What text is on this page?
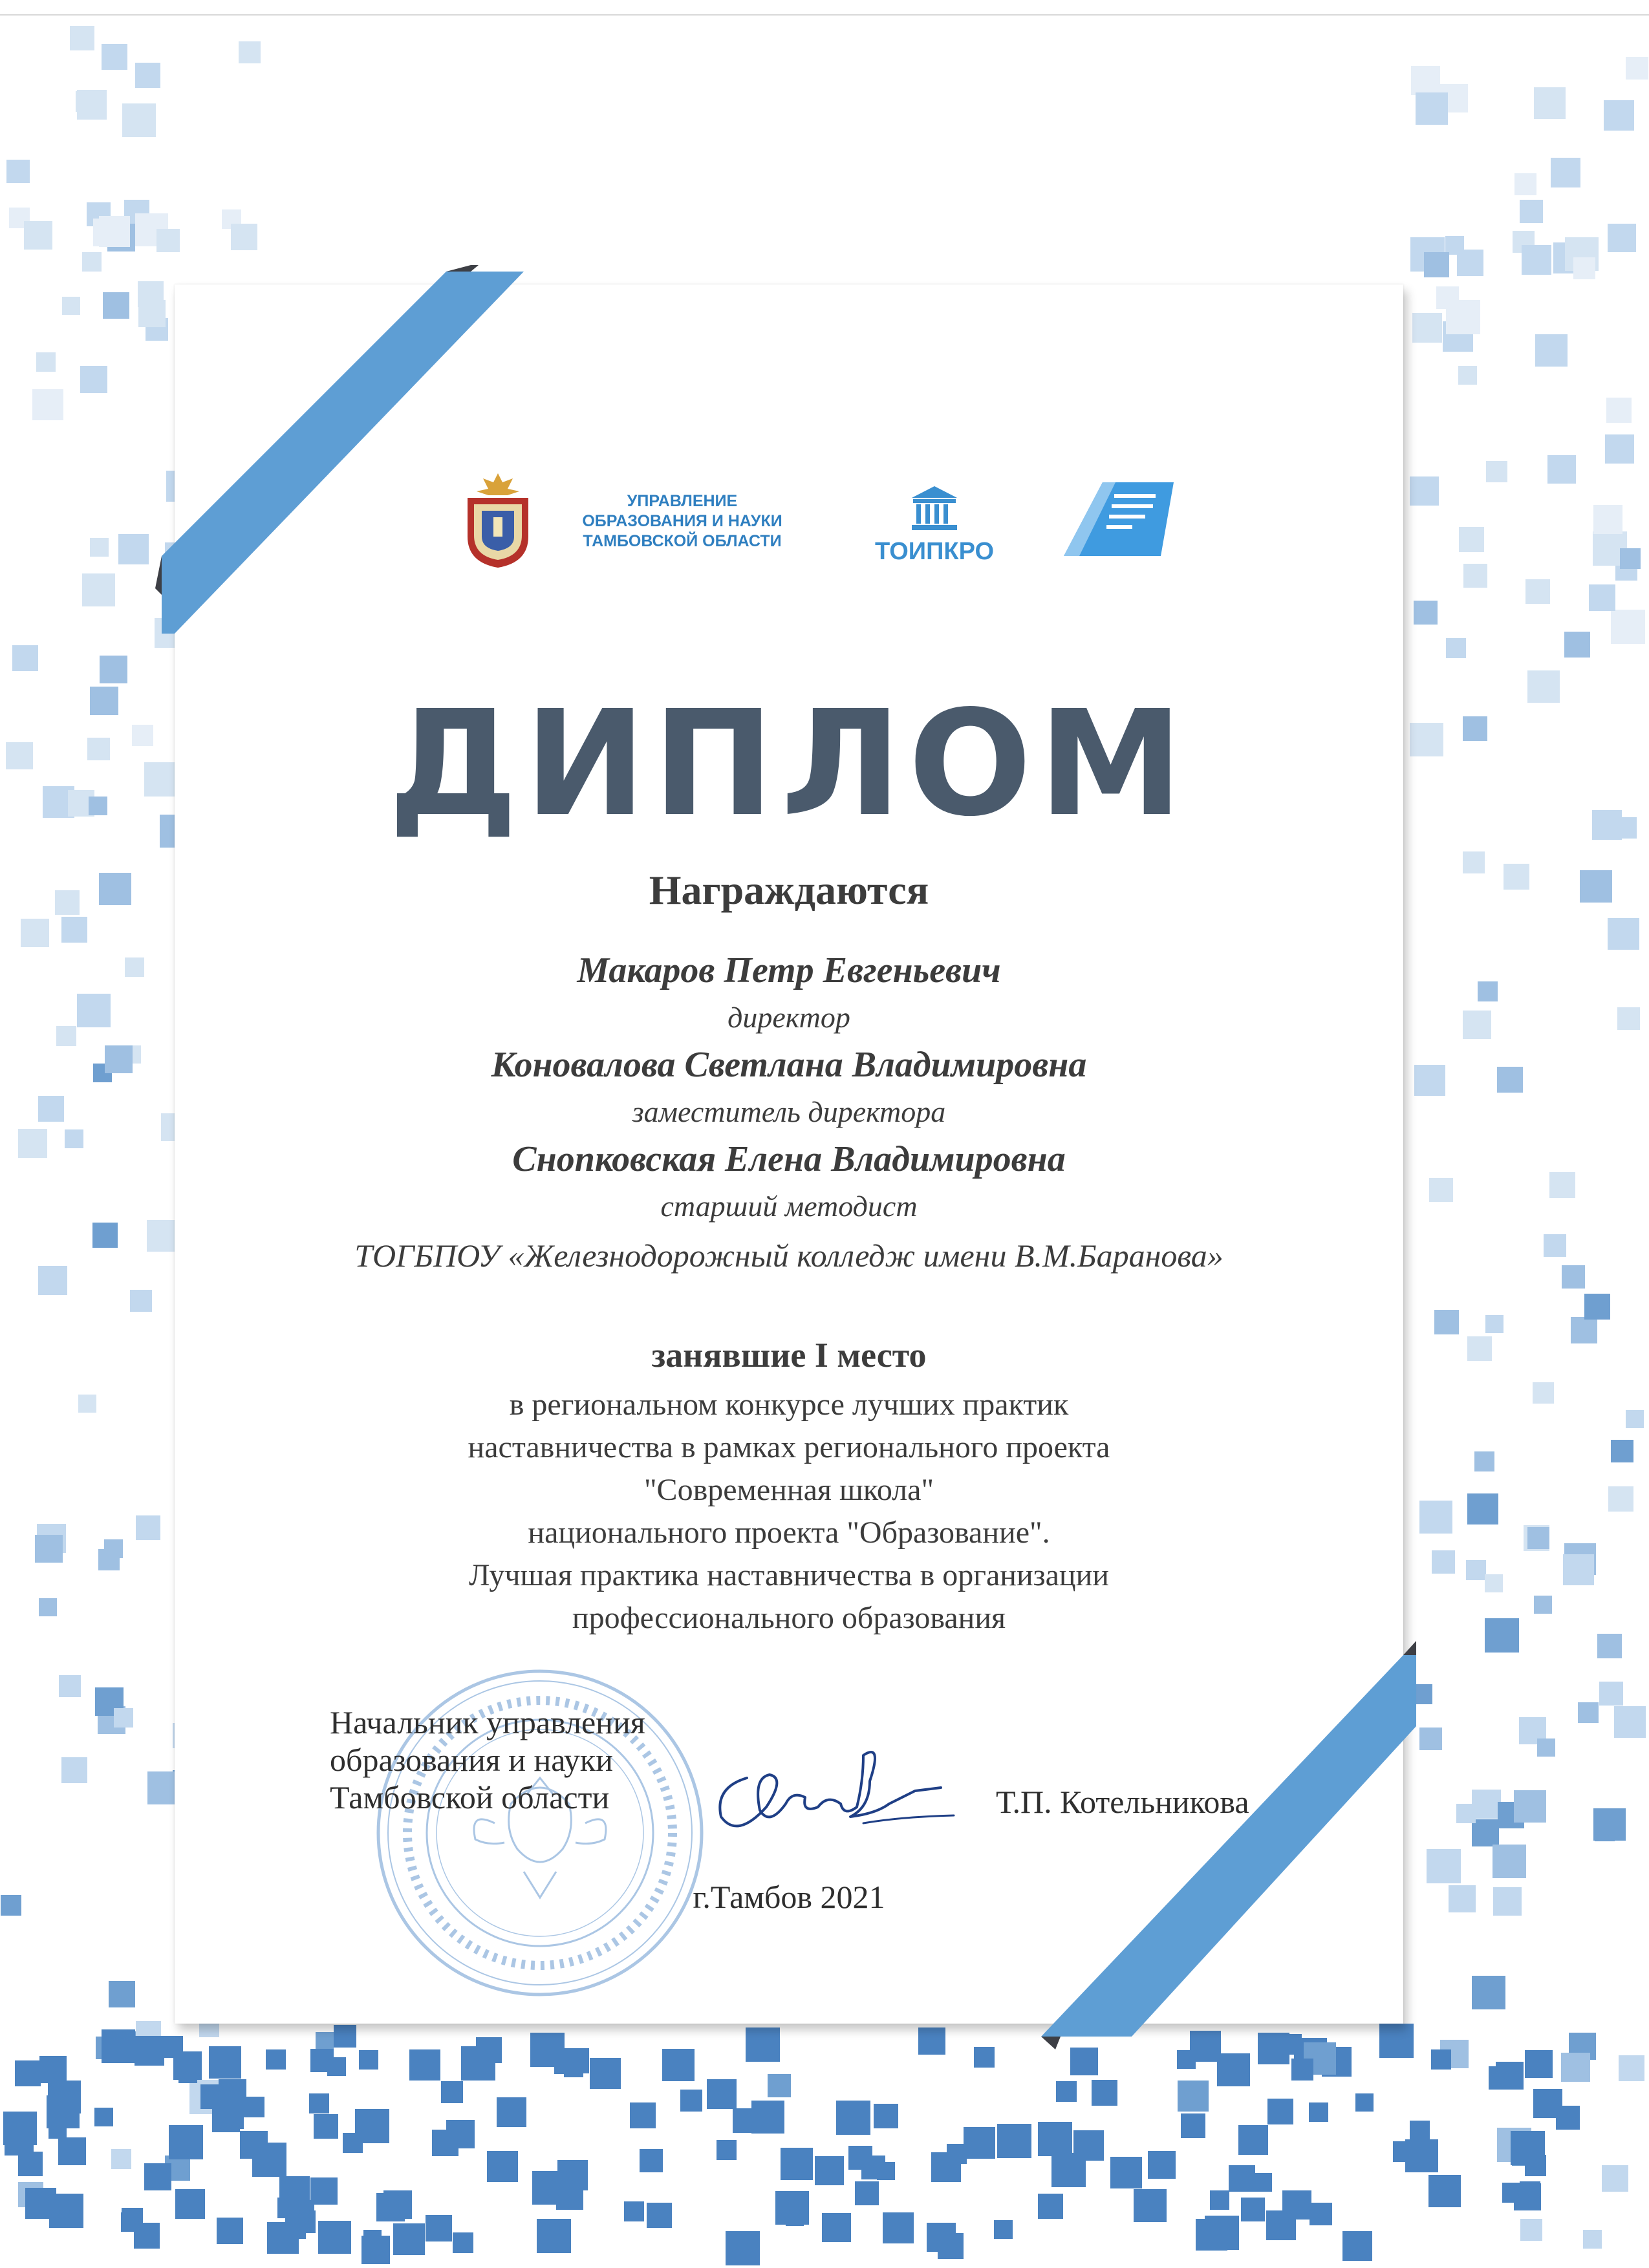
УПРАВЛЕНИЕ
ОБРАЗОВАНИЯ И НАУКИ
ТАМБОВСКОЙ ОБЛАСТИ	ТОИПКРО
ДИПЛОМ
Награждаются
Макаров Петр Евгеньевич
директор
Коновалова Светлана Владимировна
заместитель директора
Снопковская Елена Владимировна
старший методист
ТОГБПОУ «Железнодорожный колледж имени В.М.Баранова»
занявшие I место
в региональном конкурсе лучших практик
наставничества в рамках регионального проекта
"Современная школа"
национального проекта "Образование".
Лучшая практика наставничества в организации
профессионального образования
Начальник управления
образования и науки
Тамбовской области	Т.П. Котельникова
г.Тамбов 2021
